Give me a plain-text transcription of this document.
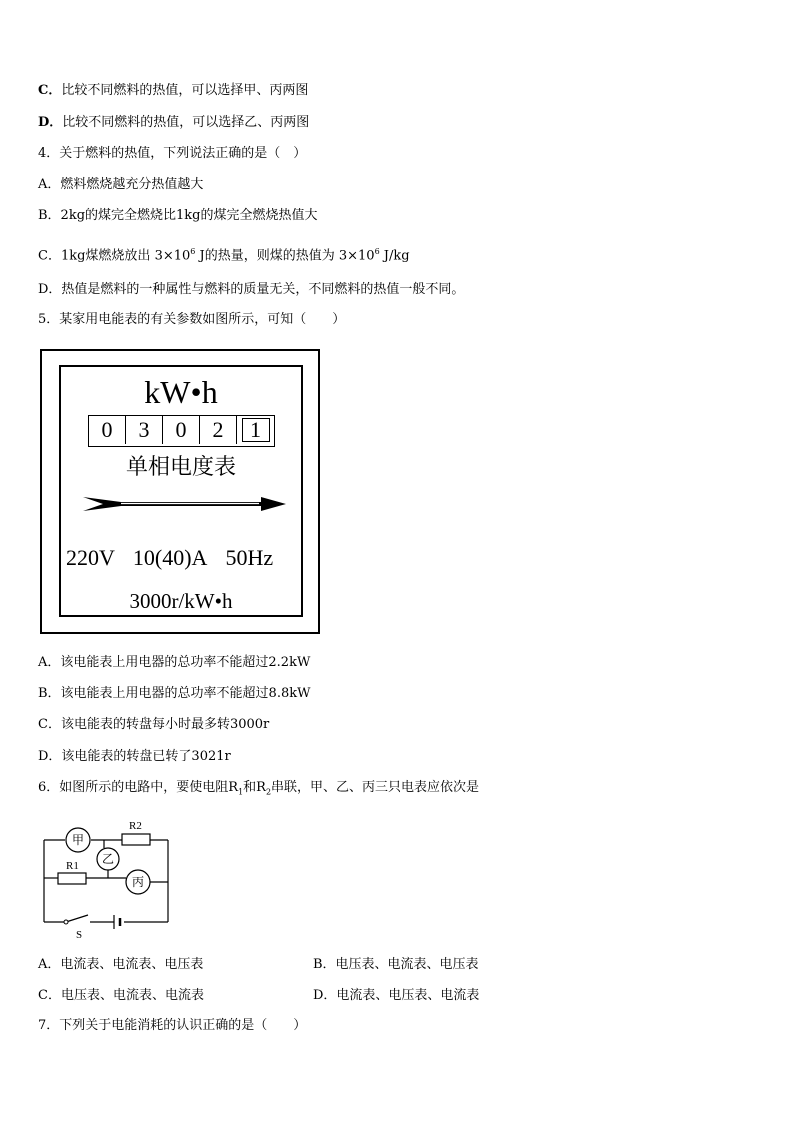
C．比较不同燃料的热值，可以选择甲、丙两图
D．比较不同燃料的热值，可以选择乙、丙两图
4．关于燃料的热值，下列说法正确的是（　）
A．燃料燃烧越充分热值越大
B．2kg的煤完全燃烧比1kg的煤完全燃烧热值大
C．1kg煤燃烧放出 $3\times 10^6$ J的热量，则煤的热值为 $3\times 10^6$ J/kg
D．热值是燃料的一种属性与燃料的质量无关，不同燃料的热值一般不同。
5．某家用电能表的有关参数如图所示，可知（　　）
kW•h
0	3	0	2	1
单相电度表
220V 10(40)A 50Hz
3000r/kW•h
A．该电能表上用电器的总功率不能超过2.2kW
B．该电能表上用电器的总功率不能超过8.8kW
C．该电能表的转盘每小时最多转3000r
D．该电能表的转盘已转了3021r
6．如图所示的电路中，要使电阻$R_1$和$R_2$串联，甲、乙、丙三只电表应依次是
甲
乙
丙
R2
R1
S
A．电流表、电流表、电压表	B．电压表、电流表、电压表
C．电压表、电流表、电流表	D．电流表、电压表、电流表
7．下列关于电能消耗的认识正确的是（　　）
